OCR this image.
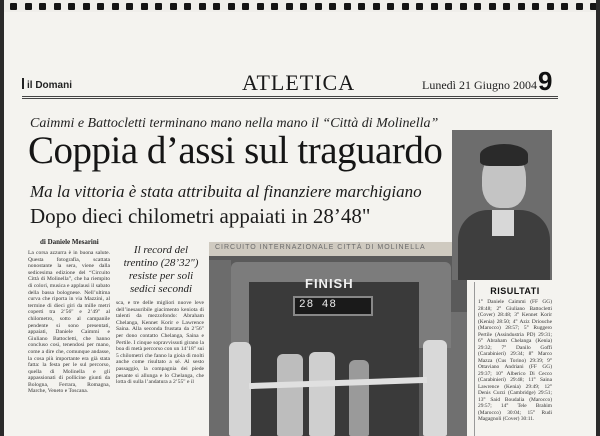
il Domani	ATLETICA	Lunedì 21 Giugno 2004 9
Caimmi e Battocletti terminano mano nella mano il “Città di Molinella”
Coppia d’assi sul traguardo
Ma la vittoria è stata attribuita al finanziere marchigiano
Dopo dieci chilometri appaiati in 28’48"
di Daniele Mesarini
La corsa azzurra è in buona salute. Questa fotografia, scattata nonostante la sera, viene dalla sedicesima edizione del “Circuito Città di Molinella”, che ha riempito di colori, musica e applausi il sabato della bassa bolognese. Nell’ultima curva che riporta in via Mazzini, al termine di dieci giri da mille metri coperti tra 2’56" e 2’49" al chilometro, sotto al campanile pendente si sono presentati, appaiati, Daniele Caimmi e Giuliano Battocletti, che hanno concluso così, tenendosi per mano, come a dire che, comunque andasse, la cosa più importante era già stata fatta: la festa per le sul percorso, quella di Molinella e gli appassionati di pollicine giunti da Bologna, Ferrara, Romagna, Marche, Veneto e Toscana.
Il record del trentino (28’32") resiste per soli sedici secondi
sca, e tre delle migliori nuove leve dell’inesauribile giacimento keniota di talenti da mezzofondo: Abraham Chelanga, Kennet Korir e Lawrence Saina. Alla seconda frustata da 2’56" per dono contatto Chelanga, Saina e Pertile. I cinque sopravvissuti girano la boa di metà percorso con un 14’18" sui 5 chilometri che fanno la gioia di molti anche come risultato a sé. Al sesto passaggio, la compagnia dei piede pesante si allunga e lo Chelanga, che lotta di sulla l’andatura a 2’55" e il
CIRCUITO INTERNAZIONALE CITTÀ DI MOLINELLA
FINISH
28 48
RISULTATI
1° Daniele Caimmi (FF GG) 28:48; 2° Giuliano Battocletti (Cover) 28:48; 3° Kennet Korir (Kenia) 28:50; 4° Aziz Driouche (Marocco) 28:57; 5° Ruggero Pertile (Assindustria PD) 29:31; 6° Abraham Chelanga (Kenia) 29:32; 7° Danilo Goffi (Carabinieri) 29:34; 8° Marco Mazza (Cus Torino) 29:39; 9° Ottaviano Andriani (FF GG) 29:37; 10° Alberico Di Cecco (Carabinieri) 29:48; 11° Saina Lawrence (Kenia) 29:49; 12° Denis Curzi (Cambridge) 29:51; 13° Said Boudalia (Marocco) 29:57; 14° Tele Brahim (Marocco) 30:04; 15° Rudi Magagnoli (Cover) 30:11.
